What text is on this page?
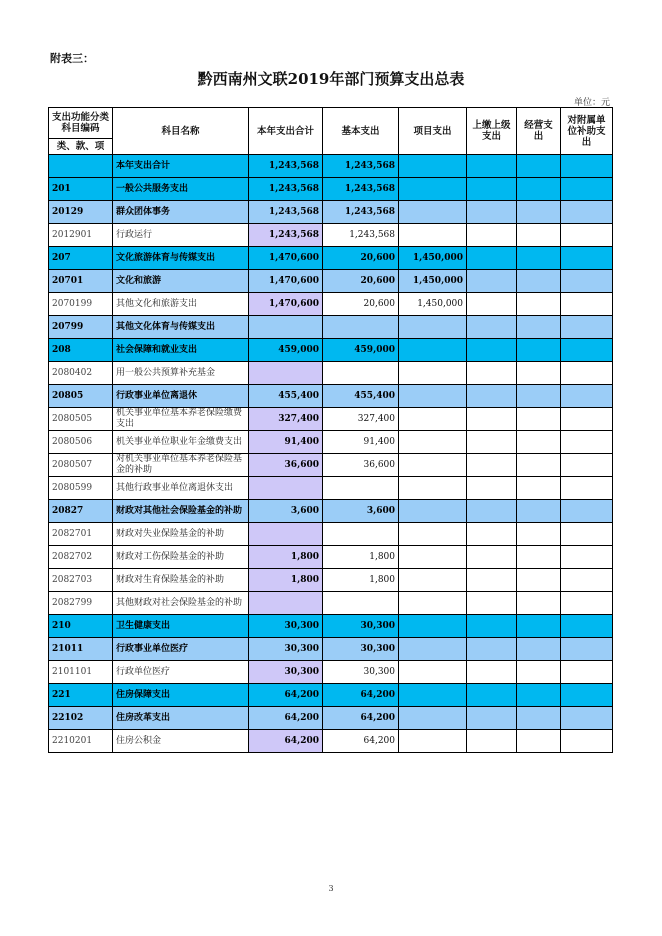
附表三：
黔西南州文联2019年部门预算支出总表
单位：元
支出功能分类科目编码	科目名称	本年支出合计	基本支出	项目支出	上缴上级支出	经营支出	对附属单位补助支出
类、款、项							
	本年支出合计	1,243,568	1,243,568				
201	一般公共服务支出	1,243,568	1,243,568				
20129	群众团体事务	1,243,568	1,243,568				
2012901	行政运行	1,243,568	1,243,568				
207	文化旅游体育与传媒支出	1,470,600	20,600	1,450,000			
20701	文化和旅游	1,470,600	20,600	1,450,000			
2070199	其他文化和旅游支出	1,470,600	20,600	1,450,000			
20799	其他文化体育与传媒支出						
208	社会保障和就业支出	459,000	459,000				
2080402	用一般公共预算补充基金						
20805	行政事业单位离退休	455,400	455,400				
2080505	机关事业单位基本养老保险缴费支出	327,400	327,400				
2080506	机关事业单位职业年金缴费支出	91,400	91,400				
2080507	对机关事业单位基本养老保险基金的补助	36,600	36,600				
2080599	其他行政事业单位离退休支出						
20827	财政对其他社会保险基金的补助	3,600	3,600				
2082701	财政对失业保险基金的补助						
2082702	财政对工伤保险基金的补助	1,800	1,800				
2082703	财政对生育保险基金的补助	1,800	1,800				
2082799	其他财政对社会保险基金的补助						
210	卫生健康支出	30,300	30,300				
21011	行政事业单位医疗	30,300	30,300				
2101101	行政单位医疗	30,300	30,300				
221	住房保障支出	64,200	64,200				
22102	住房改革支出	64,200	64,200				
2210201	住房公积金	64,200	64,200				
3
